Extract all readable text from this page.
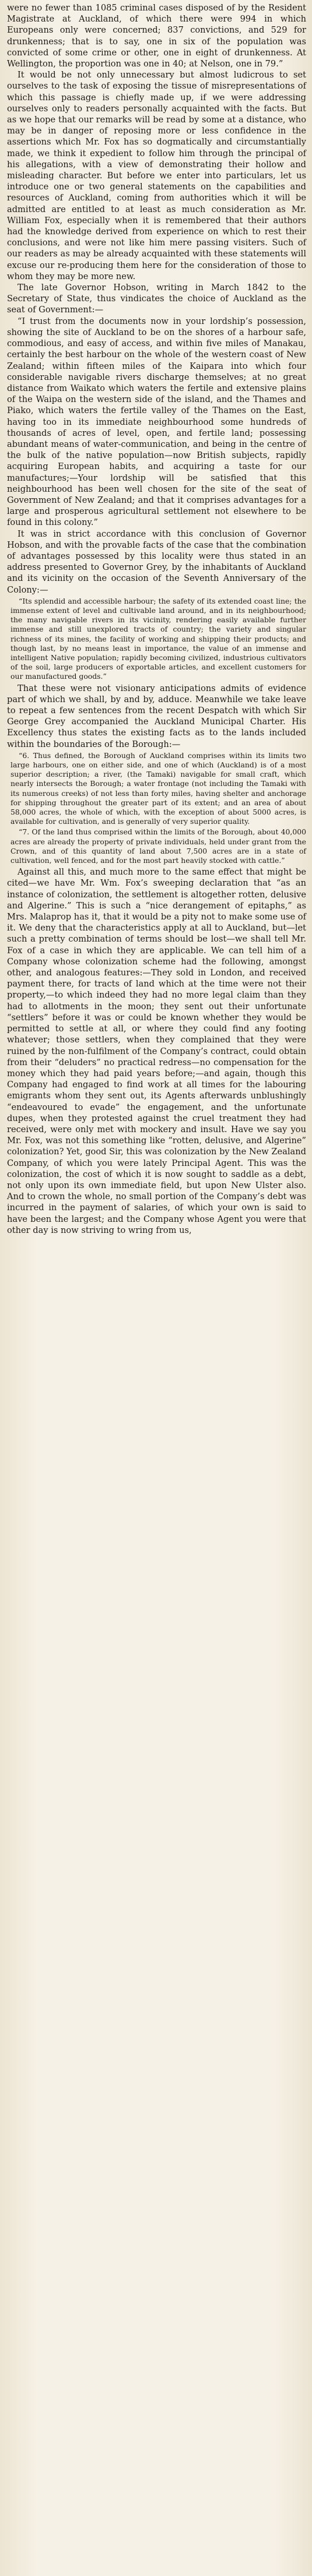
were no fewer than 1085 criminal cases disposed of by the Resident Magistrate at Auckland, of which there were 994 in which Europeans only were concerned; 837 convictions, and 529 for drunkenness; that is to say, one in six of the population was convicted of some crime or other, one in eight of drunkenness. At Wellington, the proportion was one in 40; at Nelson, one in 79.”

It would be not only unnecessary but almost ludicrous to set ourselves to the task of exposing the tissue of misrepresentations of which this passage is chiefly made up, if we were addressing ourselves only to readers personally acquainted with the facts. But as we hope that our remarks will be read by some at a distance, who may be in danger of reposing more or less confidence in the assertions which Mr. Fox has so dogmatically and circumstantially made, we think it expedient to follow him through the principal of his allegations, with a view of demonstrating their hollow and misleading character. But before we enter into particulars, let us introduce one or two general statements on the capabilities and resources of Auckland, coming from authorities which it will be admitted are entitled to at least as much consideration as Mr. William Fox, especially when it is remembered that their authors had the knowledge derived from experience on which to rest their conclusions, and were not like him mere passing visiters. Such of our readers as may be already acquainted with these statements will excuse our re-producing them here for the consideration of those to whom they may be more new.

The late Governor Hobson, writing in March 1842 to the Secretary of State, thus vindicates the choice of Auckland as the seat of Government:—

“I trust from the documents now in your lordship’s possession, showing the site of Auckland to be on the shores of a harbour safe, commodious, and easy of access, and within five miles of Manakau, certainly the best harbour on the whole of the western coast of New Zealand; within fifteen miles of the Kaipara into which four considerable navigable rivers discharge themselves; at no great distance from Waikato which waters the fertile and extensive plains of the Waipa on the western side of the island, and the Thames and Piako, which waters the fertile valley of the Thames on the East, having too in its immediate neighbourhood some hundreds of thousands of acres of level, open, and fertile land; possessing abundant means of water-communication, and being in the centre of the bulk of the native population—now British subjects, rapidly acquiring European habits, and acquiring a taste for our manufactures;—Your lordship will be satisfied that this neighbourhood has been well chosen for the site of the seat of Government of New Zealand; and that it comprises advantages for a large and prosperous agricultural settlement not elsewhere to be found in this colony.”

It was in strict accordance with this conclusion of Governor Hobson, and with the provable facts of the case that the combination of advantages possessed by this locality were thus stated in an address presented to Governor Grey, by the inhabitants of Auckland and its vicinity on the occasion of the Seventh Anniversary of the Colony:—

“Its splendid and accessible harbour; the safety of its extended coast line; the immense extent of level and cultivable land around, and in its neighbourhood; the many navigable rivers in its vicinity, rendering easily available further immense and still unexplored tracts of country; the variety and singular richness of its mines, the facility of working and shipping their products; and though last, by no means least in importance, the value of an immense and intelligent Native population; rapidly becoming civilized, industrious cultivators of the soil, large producers of exportable articles, and excellent customers for our manufactured goods.”

That these were not visionary anticipations admits of evidence part of which we shall, by and by, adduce. Meanwhile we take leave to repeat a few sentences from the recent Despatch with which Sir George Grey accompanied the Auckland Municipal Charter. His Excellency thus states the existing facts as to the lands included within the boundaries of the Borough:—

“6. Thus defined, the Borough of Auckland comprises within its limits two large harbours, one on either side, and one of which (Auckland) is of a most superior description; a river, (the Tamaki) navigable for small craft, which nearly intersects the Borough; a water frontage (not including the Tamaki with its numerous creeks) of not less than forty miles, having shelter and anchorage for shipping throughout the greater part of its extent; and an area of about 58,000 acres, the whole of which, with the exception of about 5000 acres, is available for cultivation, and is generally of very superior quality.

“7. Of the land thus comprised within the limits of the Borough, about 40,000 acres are already the property of private individuals, held under grant from the Crown, and of this quantity of land about 7,500 acres are in a state of cultivation, well fenced, and for the most part heavily stocked with cattle.”

Against all this, and much more to the same effect that might be cited—we have Mr. Wm. Fox’s sweeping declaration that “as an instance of colonization, the settlement is altogether rotten, delusive and Algerine.” This is such a “nice derangement of epitaphs,” as Mrs. Malaprop has it, that it would be a pity not to make some use of it. We deny that the characteristics apply at all to Auckland, but—let such a pretty combination of terms should be lost—we shall tell Mr. Fox of a case in which they are applicable. We can tell him of a Company whose colonization scheme had the following, amongst other, and analogous features:—They sold in London, and received payment there, for tracts of land which at the time were not their property,—to which indeed they had no more legal claim than they had to allotments in the moon; they sent out their unfortunate “settlers” before it was or could be known whether they would be permitted to settle at all, or where they could find any footing whatever; those settlers, when they complained that they were ruined by the non-fulfilment of the Company’s contract, could obtain from their “deluders” no practical redress—no compensation for the money which they had paid years before;—and again, though this Company had engaged to find work at all times for the labouring emigrants whom they sent out, its Agents afterwards unblushingly “endeavoured to evade” the engagement, and the unfortunate dupes, when they protested against the cruel treatment they had received, were only met with mockery and insult. Have we say you Mr. Fox, was not this something like “rotten, delusive, and Algerine” colonization? Yet, good Sir, this was colonization by the New Zealand Company, of which you were lately Principal Agent. This was the colonization, the cost of which it is now sought to saddle as a debt, not only upon its own immediate field, but upon New Ulster also. And to crown the whole, no small portion of the Company’s debt was incurred in the payment of salaries, of which your own is said to have been the largest; and the Company whose Agent you were that other day is now striving to wring from us,
